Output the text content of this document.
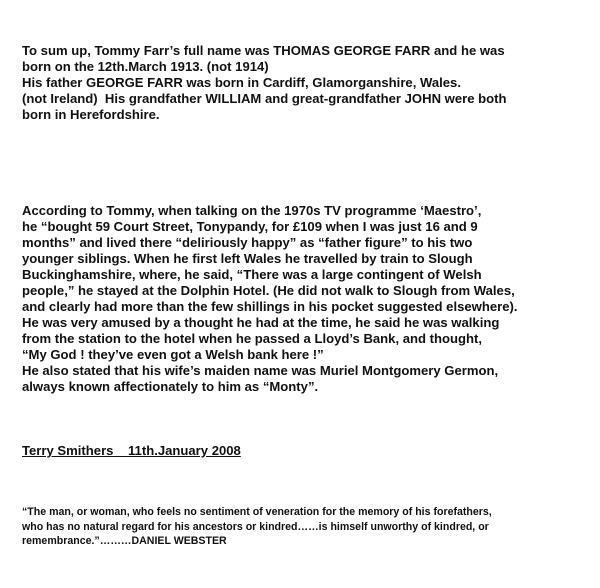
To sum up, Tommy Farr’s full name was THOMAS GEORGE FARR and he was
born on the 12th.March 1913. (not 1914)
His father GEORGE FARR was born in Cardiff, Glamorganshire, Wales.
(not Ireland)  His grandfather WILLIAM and great-grandfather JOHN were both
born in Herefordshire.

According to Tommy, when talking on the 1970s TV programme ‘Maestro’,
he “bought 59 Court Street, Tonypandy, for £109 when I was just 16 and 9
months” and lived there “deliriously happy” as “father figure” to his two
younger siblings. When he first left Wales he travelled by train to Slough
Buckinghamshire, where, he said, “There was a large contingent of Welsh
people,” he stayed at the Dolphin Hotel. (He did not walk to Slough from Wales,
and clearly had more than the few shillings in his pocket suggested elsewhere).
He was very amused by a thought he had at the time, he said he was walking
from the station to the hotel when he passed a Lloyd’s Bank, and thought,
“My God ! they’ve even got a Welsh bank here !”
He also stated that his wife’s maiden name was Muriel Montgomery Germon,
always known affectionately to him as “Monty”.

Terry Smithers    11th.January 2008

“The man, or woman, who feels no sentiment of veneration for the memory of his forefathers,
who has no natural regard for his ancestors or kindred……is himself unworthy of kindred, or
remembrance.”………DANIEL WEBSTER
